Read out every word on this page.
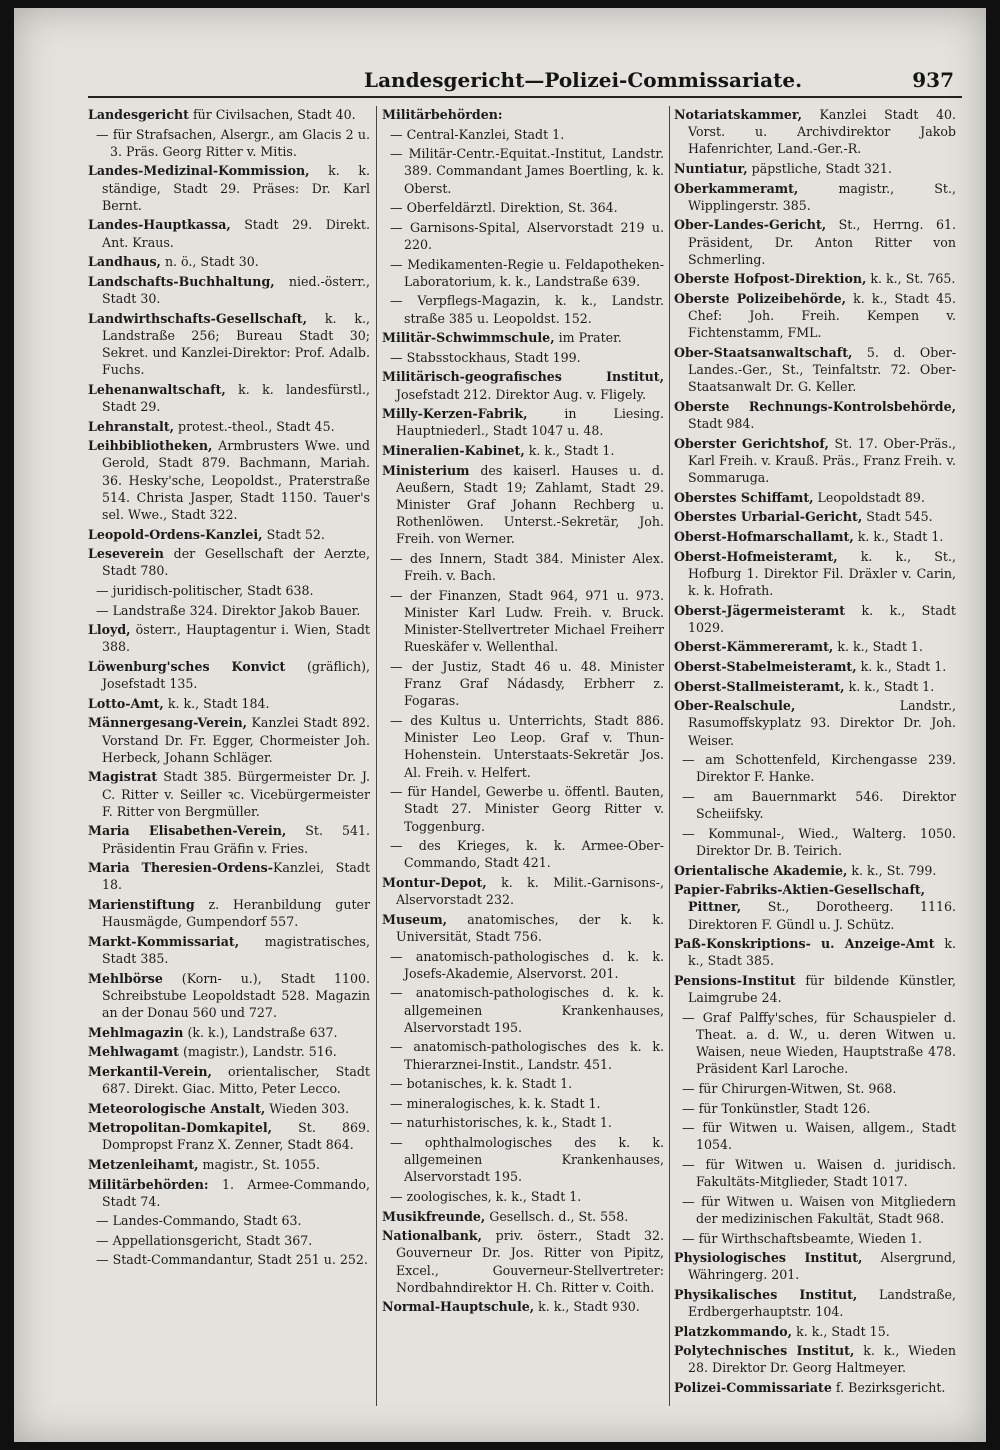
Landesgericht—Polizei-Commissariate.	937

Landesgericht für Civilsachen, Stadt 40.

— für Strafsachen, Alsergr., am Glacis 2 u. 3. Präs. Georg Ritter v. Mitis.

Landes-Medizinal-Kommission, k. k. ständige, Stadt 29. Präses: Dr. Karl Bernt.

Landes-Hauptkassa, Stadt 29. Direkt. Ant. Kraus.

Landhaus, n. ö., Stadt 30.

Landschafts-Buchhaltung, nied.-österr., Stadt 30.

Landwirthschafts-Gesellschaft, k. k., Landstraße 256; Bureau Stadt 30; Sekret. und Kanzlei-Direktor: Prof. Adalb. Fuchs.

Lehenanwaltschaft, k. k. landesfürstl., Stadt 29.

Lehranstalt, protest.-theol., Stadt 45.

Leihbibliotheken, Armbrusters Wwe. und Gerold, Stadt 879. Bachmann, Mariah. 36. Hesky'sche, Leopoldst., Praterstraße 514. Christa Jasper, Stadt 1150. Tauer's sel. Wwe., Stadt 322.

Leopold-Ordens-Kanzlei, Stadt 52.

Leseverein der Gesellschaft der Aerzte, Stadt 780.

— juridisch-politischer, Stadt 638.

— Landstraße 324. Direktor Jakob Bauer.

Lloyd, österr., Hauptagentur i. Wien, Stadt 388.

Löwenburg'sches Konvict (gräflich), Josefstadt 135.

Lotto-Amt, k. k., Stadt 184.

Männergesang-Verein, Kanzlei Stadt 892. Vorstand Dr. Fr. Egger, Chormeister Joh. Herbeck, Johann Schläger.

Magistrat Stadt 385. Bürgermeister Dr. J. C. Ritter v. Seiller ꝛc. Vicebürgermeister F. Ritter von Bergmüller.

Maria Elisabethen-Verein, St. 541. Präsidentin Frau Gräfin v. Fries.

Maria Theresien-Ordens-Kanzlei, Stadt 18.

Marienstiftung z. Heranbildung guter Hausmägde, Gumpendorf 557.

Markt-Kommissariat, magistratisches, Stadt 385.

Mehlbörse (Korn- u.), Stadt 1100. Schreibstube Leopoldstadt 528. Magazin an der Donau 560 und 727.

Mehlmagazin (k. k.), Landstraße 637.

Mehlwagamt (magistr.), Landstr. 516.

Merkantil-Verein, orientalischer, Stadt 687. Direkt. Giac. Mitto, Peter Lecco.

Meteorologische Anstalt, Wieden 303.

Metropolitan-Domkapitel, St. 869. Dompropst Franz X. Zenner, Stadt 864.

Metzenleihamt, magistr., St. 1055.

Militärbehörden: 1. Armee-Commando, Stadt 74.

— Landes-Commando, Stadt 63.

— Appellationsgericht, Stadt 367.

— Stadt-Commandantur, Stadt 251 u. 252.

Militärbehörden:

— Central-Kanzlei, Stadt 1.

— Militär-Centr.-Equitat.-Institut, Landstr. 389. Commandant James Boertling, k. k. Oberst.

— Oberfeldärztl. Direktion, St. 364.

— Garnisons-Spital, Alservorstadt 219 u. 220.

— Medikamenten-Regie u. Feldapotheken-Laboratorium, k. k., Landstraße 639.

— Verpflegs-Magazin, k. k., Landstr. straße 385 u. Leopoldst. 152.

Militär-Schwimmschule, im Prater.

— Stabsstockhaus, Stadt 199.

Militärisch-geografisches Institut, Josefstadt 212. Direktor Aug. v. Fligely.

Milly-Kerzen-Fabrik, in Liesing. Hauptniederl., Stadt 1047 u. 48.

Mineralien-Kabinet, k. k., Stadt 1.

Ministerium des kaiserl. Hauses u. d. Aeußern, Stadt 19; Zahlamt, Stadt 29. Minister Graf Johann Rechberg u. Rothenlöwen. Unterst.-Sekretär, Joh. Freih. von Werner.

— des Innern, Stadt 384. Minister Alex. Freih. v. Bach.

— der Finanzen, Stadt 964, 971 u. 973. Minister Karl Ludw. Freih. v. Bruck. Minister-Stellvertreter Michael Freiherr Rueskäfer v. Wellenthal.

— der Justiz, Stadt 46 u. 48. Minister Franz Graf Nádasdy, Erbherr z. Fogaras.

— des Kultus u. Unterrichts, Stadt 886. Minister Leo Leop. Graf v. Thun-Hohenstein. Unterstaats-Sekretär Jos. Al. Freih. v. Helfert.

— für Handel, Gewerbe u. öffentl. Bauten, Stadt 27. Minister Georg Ritter v. Toggenburg.

— des Krieges, k. k. Armee-Ober-Commando, Stadt 421.

Montur-Depot, k. k. Milit.-Garnisons-, Alservorstadt 232.

Museum, anatomisches, der k. k. Universität, Stadt 756.

— anatomisch-pathologisches d. k. k. Josefs-Akademie, Alservorst. 201.

— anatomisch-pathologisches d. k. k. allgemeinen Krankenhauses, Alservorstadt 195.

— anatomisch-pathologisches des k. k. Thierarznei-Instit., Landstr. 451.

— botanisches, k. k. Stadt 1.

— mineralogisches, k. k. Stadt 1.

— naturhistorisches, k. k., Stadt 1.

— ophthalmologisches des k. k. allgemeinen Krankenhauses, Alservorstadt 195.

— zoologisches, k. k., Stadt 1.

Musikfreunde, Gesellsch. d., St. 558.

Nationalbank, priv. österr., Stadt 32. Gouverneur Dr. Jos. Ritter von Pipitz, Excel., Gouverneur-Stellvertreter: Nordbahndirektor H. Ch. Ritter v. Coith.

Normal-Hauptschule, k. k., Stadt 930.

Notariatskammer, Kanzlei Stadt 40. Vorst. u. Archivdirektor Jakob Hafenrichter, Land.-Ger.-R.

Nuntiatur, päpstliche, Stadt 321.

Oberkammeramt, magistr., St., Wipplingerstr. 385.

Ober-Landes-Gericht, St., Herrng. 61. Präsident, Dr. Anton Ritter von Schmerling.

Oberste Hofpost-Direktion, k. k., St. 765.

Oberste Polizeibehörde, k. k., Stadt 45. Chef: Joh. Freih. Kempen v. Fichtenstamm, FML.

Ober-Staatsanwaltschaft, 5. d. Ober-Landes.-Ger., St., Teinfaltstr. 72. Ober-Staatsanwalt Dr. G. Keller.

Oberste Rechnungs-Kontrolsbehörde, Stadt 984.

Oberster Gerichtshof, St. 17. Ober-Präs., Karl Freih. v. Krauß. Präs., Franz Freih. v. Sommaruga.

Oberstes Schiffamt, Leopoldstadt 89.

Oberstes Urbarial-Gericht, Stadt 545.

Oberst-Hofmarschallamt, k. k., Stadt 1.

Oberst-Hofmeisteramt, k. k., St., Hofburg 1. Direktor Fil. Dräxler v. Carin, k. k. Hofrath.

Oberst-Jägermeisteramt k. k., Stadt 1029.

Oberst-Kämmereramt, k. k., Stadt 1.

Oberst-Stabelmeisteramt, k. k., Stadt 1.

Oberst-Stallmeisteramt, k. k., Stadt 1.

Ober-Realschule, Landstr., Rasumoffskyplatz 93. Direktor Dr. Joh. Weiser.

— am Schottenfeld, Kirchengasse 239. Direktor F. Hanke.

— am Bauernmarkt 546. Direktor Scheiifsky.

— Kommunal-, Wied., Walterg. 1050. Direktor Dr. B. Teirich.

Orientalische Akademie, k. k., St. 799.

Papier-Fabriks-Aktien-Gesellschaft, Pittner, St., Dorotheerg. 1116. Direktoren F. Gündl u. J. Schütz.

Paß-Konskriptions- u. Anzeige-Amt k. k., Stadt 385.

Pensions-Institut für bildende Künstler, Laimgrube 24.

— Graf Palffy'sches, für Schauspieler d. Theat. a. d. W., u. deren Witwen u. Waisen, neue Wieden, Hauptstraße 478. Präsident Karl Laroche.

— für Chirurgen-Witwen, St. 968.

— für Tonkünstler, Stadt 126.

— für Witwen u. Waisen, allgem., Stadt 1054.

— für Witwen u. Waisen d. juridisch. Fakultäts-Mitglieder, Stadt 1017.

— für Witwen u. Waisen von Mitgliedern der medizinischen Fakultät, Stadt 968.

— für Wirthschaftsbeamte, Wieden 1.

Physiologisches Institut, Alsergrund, Währingerg. 201.

Physikalisches Institut, Landstraße, Erdbergerhauptstr. 104.

Platzkommando, k. k., Stadt 15.

Polytechnisches Institut, k. k., Wieden 28. Direktor Dr. Georg Haltmeyer.

Polizei-Commissariate f. Bezirksgericht.
